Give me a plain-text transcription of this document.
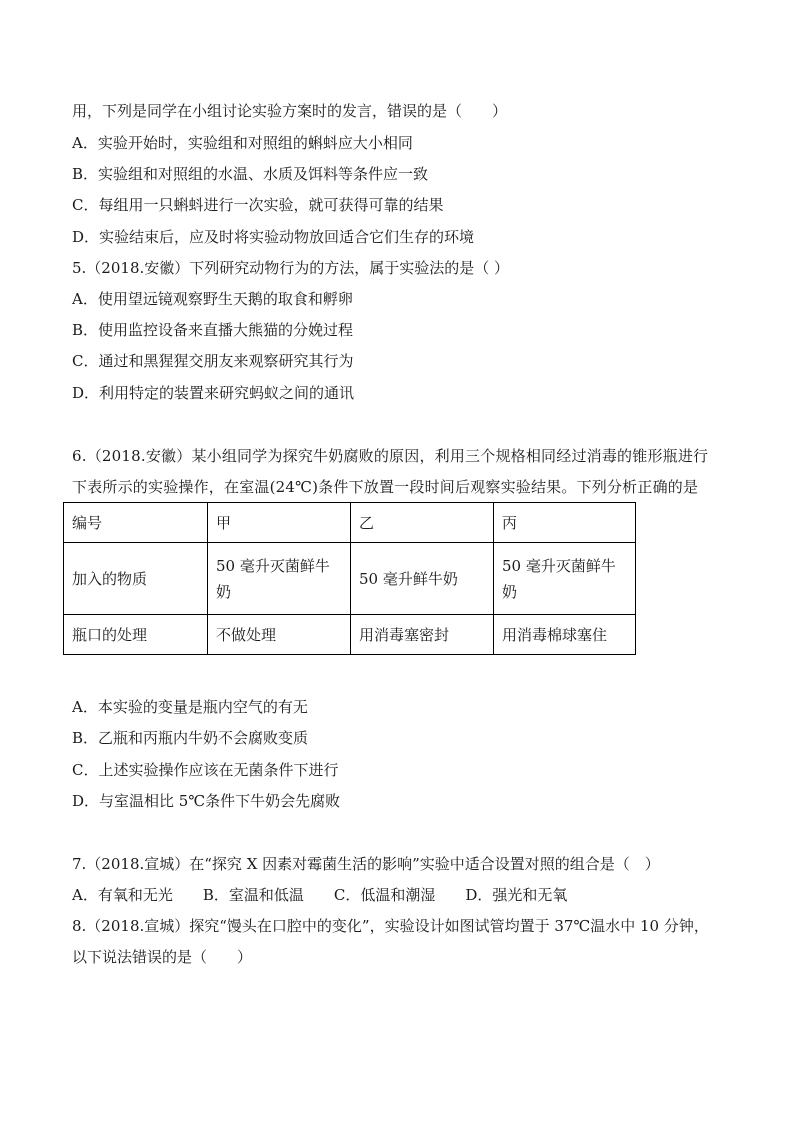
用，下列是同学在小组讨论实验方案时的发言，错误的是（　　）
A．实验开始时，实验组和对照组的蝌蚪应大小相同
B．实验组和对照组的水温、水质及饵料等条件应一致
C．每组用一只蝌蚪进行一次实验，就可获得可靠的结果
D．实验结束后，应及时将实验动物放回适合它们生存的环境
5.（2018.安徽）下列研究动物行为的方法，属于实验法的是（ ）
A．使用望远镜观察野生天鹅的取食和孵卵
B．使用监控设备来直播大熊猫的分娩过程
C．通过和黑猩猩交朋友来观察研究其行为
D．利用特定的装置来研究蚂蚁之间的通讯
6.（2018.安徽）某小组同学为探究牛奶腐败的原因，利用三个规格相同经过消毒的锥形瓶进行
下表所示的实验操作，在室温(24℃)条件下放置一段时间后观察实验结果。下列分析正确的是
编号	甲	乙	丙
加入的物质	50 毫升灭菌鲜牛奶	50 毫升鲜牛奶	50 毫升灭菌鲜牛奶
瓶口的处理	不做处理	用消毒塞密封	用消毒棉球塞住
A．本实验的变量是瓶内空气的有无
B．乙瓶和丙瓶内牛奶不会腐败变质
C．上述实验操作应该在无菌条件下进行
D．与室温相比 5℃条件下牛奶会先腐败
7.（2018.宣城）在“探究 X 因素对霉菌生活的影响”实验中适合设置对照的组合是（　）
A．有氧和无光　　B．室温和低温　　C．低温和潮湿　　D．强光和无氧
8.（2018.宣城）探究“馒头在口腔中的变化”，实验设计如图试管均置于 37℃温水中 10 分钟，
以下说法错误的是（　　）
